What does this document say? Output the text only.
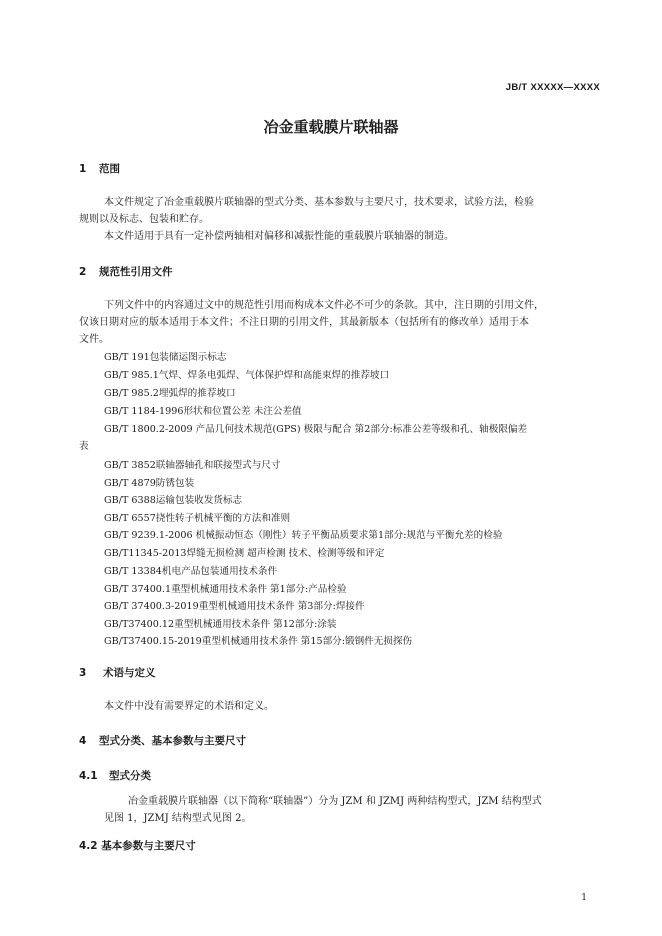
JB/T XXXXX—XXXX
冶金重载膜片联轴器
1 范围
本文件规定了冶金重载膜片联轴器的型式分类、基本参数与主要尺寸，技术要求，试验方法，检验
规则以及标志、包装和贮存。
本文件适用于具有一定补偿两轴相对偏移和减振性能的重载膜片联轴器的制造。
2 规范性引用文件
下列文件中的内容通过文中的规范性引用而构成本文件必不可少的条款。其中，注日期的引用文件，
仅该日期对应的版本适用于本文件；不注日期的引用文件，其最新版本（包括所有的修改单）适用于本
文件。
GB/T 191包装储运图示标志
GB/T 985.1气焊、焊条电弧焊、气体保护焊和高能束焊的推荐坡口
GB/T 985.2埋弧焊的推荐坡口
GB/T 1184-1996形状和位置公差 未注公差值
GB/T 1800.2-2009 产品几何技术规范(GPS) 极限与配合 第2部分:标准公差等级和孔、轴极限偏差
表
GB/T 3852联轴器轴孔和联接型式与尺寸
GB/T 4879防锈包装
GB/T 6388运输包装收发货标志
GB/T 6557挠性转子机械平衡的方法和准则
GB/T 9239.1-2006 机械振动恒态（刚性）转子平衡品质要求第1部分:规范与平衡允差的检验
GB/T11345-2013焊缝无损检测 超声检测 技术、检测等级和评定
GB/T 13384机电产品包装通用技术条件
GB/T 37400.1重型机械通用技术条件 第1部分:产品检验
GB/T 37400.3-2019重型机械通用技术条件 第3部分:焊接件
GB/T37400.12重型机械通用技术条件 第12部分:涂装
GB/T37400.15-2019重型机械通用技术条件 第15部分:锻钢件无损探伤
3 术语与定义
本文件中没有需要界定的术语和定义。
4 型式分类、基本参数与主要尺寸
4.1 型式分类
冶金重载膜片联轴器（以下简称“联轴器”）分为 JZM 和 JZMJ 两种结构型式，JZM 结构型式
见图 1，JZMJ 结构型式见图 2。
4.2 基本参数与主要尺寸
1
